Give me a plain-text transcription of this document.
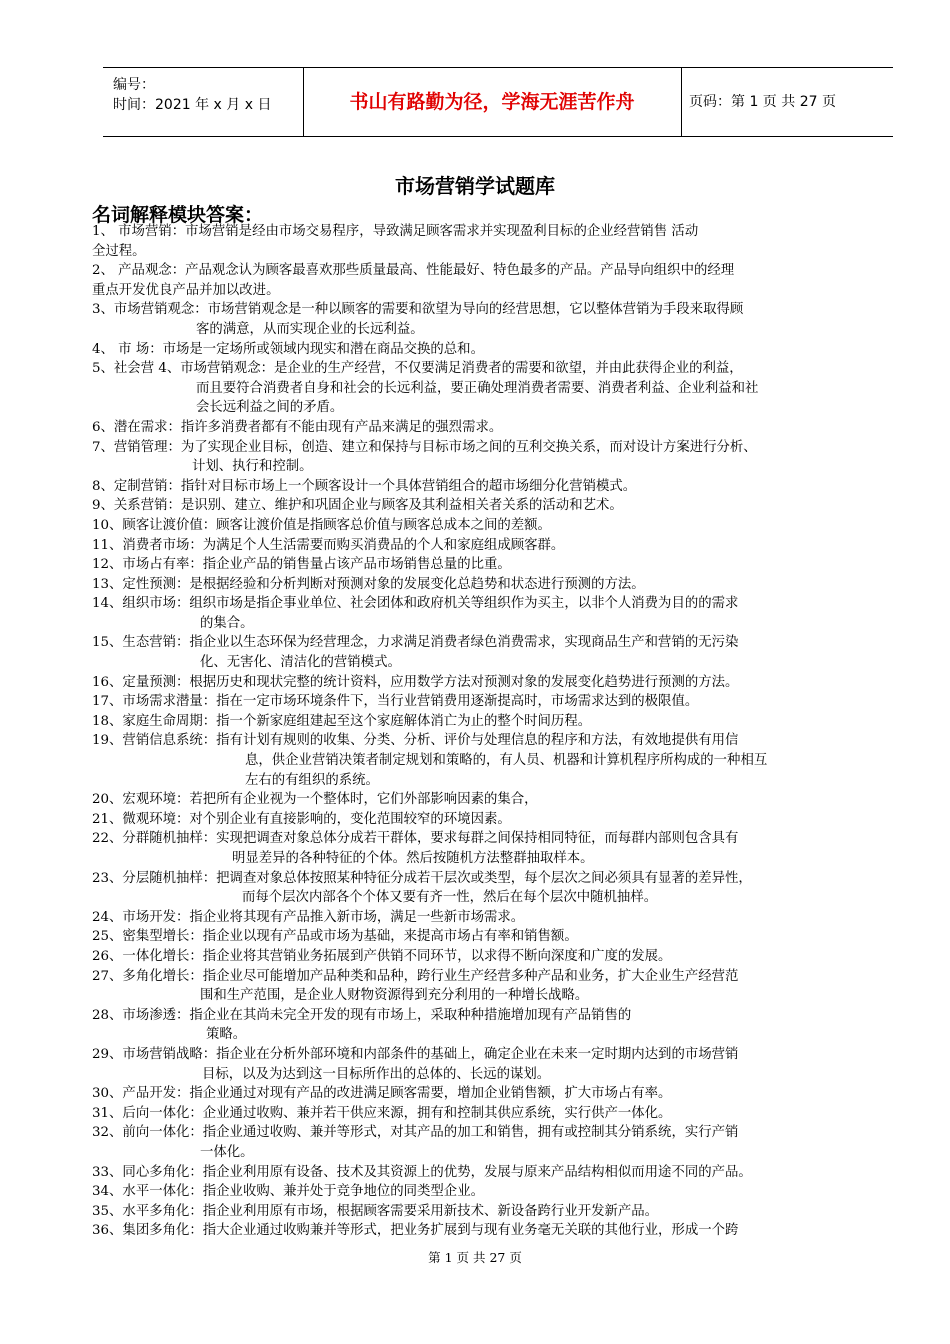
编号：
时间：2021 年 x 月 x 日	书山有路勤为径，学海无涯苦作舟	页码：第 1 页 共 27 页
市场营销学试题库
名词解释模块答案：
1、 市场营销：市场营销是经由市场交易程序，导致满足顾客需求并实现盈利目标的企业经营销售 活动
全过程。
2、 产品观念：产品观念认为顾客最喜欢那些质量最高、性能最好、特色最多的产品。产品导向组织中的经理
重点开发优良产品并加以改进。
3、市场营销观念：市场营销观念是一种以顾客的需要和欲望为导向的经营思想，它以整体营销为手段来取得顾
客的满意，从而实现企业的长远利益。
4、 市 场：市场是一定场所或领域内现实和潜在商品交换的总和。
5、社会营 4、市场营销观念：是企业的生产经营，不仅要满足消费者的需要和欲望，并由此获得企业的利益，
而且要符合消费者自身和社会的长远利益，要正确处理消费者需要、消费者利益、企业利益和社
会长远利益之间的矛盾。
6、潜在需求：指许多消费者都有不能由现有产品来满足的强烈需求。
7、营销管理：为了实现企业目标，创造、建立和保持与目标市场之间的互利交换关系，而对设计方案进行分析、
计划、执行和控制。
8、定制营销：指针对目标市场上一个顾客设计一个具体营销组合的超市场细分化营销模式。
9、关系营销：是识别、建立、维护和巩固企业与顾客及其利益相关者关系的活动和艺术。
10、顾客让渡价值：顾客让渡价值是指顾客总价值与顾客总成本之间的差额。
11、消费者市场：为满足个人生活需要而购买消费品的个人和家庭组成顾客群。
12、市场占有率：指企业产品的销售量占该产品市场销售总量的比重。
13、定性预测：是根据经验和分析判断对预测对象的发展变化总趋势和状态进行预测的方法。
14、组织市场：组织市场是指企事业单位、社会团体和政府机关等组织作为买主，以非个人消费为目的的需求
的集合。
15、生态营销：指企业以生态环保为经营理念，力求满足消费者绿色消费需求，实现商品生产和营销的无污染
化、无害化、清洁化的营销模式。
16、定量预测：根据历史和现状完整的统计资料，应用数学方法对预测对象的发展变化趋势进行预测的方法。
17、市场需求潜量：指在一定市场环境条件下，当行业营销费用逐渐提高时，市场需求达到的极限值。
18、家庭生命周期：指一个新家庭组建起至这个家庭解体消亡为止的整个时间历程。
19、营销信息系统：指有计划有规则的收集、分类、分析、评价与处理信息的程序和方法，有效地提供有用信
息，供企业营销决策者制定规划和策略的，有人员、机器和计算机程序所构成的一种相互
左右的有组织的系统。
20、宏观环境：若把所有企业视为一个整体时，它们外部影响因素的集合，
21、微观环境：对个别企业有直接影响的，变化范围较窄的环境因素。
22、分群随机抽样：实现把调查对象总体分成若干群体，要求每群之间保持相同特征，而每群内部则包含具有
明显差异的各种特征的个体。然后按随机方法整群抽取样本。
23、分层随机抽样：把调查对象总体按照某种特征分成若干层次或类型，每个层次之间必须具有显著的差异性，
而每个层次内部各个个体又要有齐一性，然后在每个层次中随机抽样。
24、市场开发：指企业将其现有产品推入新市场，满足一些新市场需求。
25、密集型增长：指企业以现有产品或市场为基础，来提高市场占有率和销售额。
26、一体化增长：指企业将其营销业务拓展到产供销不同环节，以求得不断向深度和广度的发展。
27、多角化增长：指企业尽可能增加产品种类和品种，跨行业生产经营多种产品和业务，扩大企业生产经营范
围和生产范围，是企业人财物资源得到充分利用的一种增长战略。
28、市场渗透：指企业在其尚未完全开发的现有市场上，采取种种措施增加现有产品销售的
策略。
29、市场营销战略：指企业在分析外部环境和内部条件的基础上，确定企业在未来一定时期内达到的市场营销
目标，以及为达到这一目标所作出的总体的、长远的谋划。
30、产品开发：指企业通过对现有产品的改进满足顾客需要，增加企业销售额，扩大市场占有率。
31、后向一体化：企业通过收购、兼并若干供应来源，拥有和控制其供应系统，实行供产一体化。
32、前向一体化：指企业通过收购、兼并等形式，对其产品的加工和销售，拥有或控制其分销系统，实行产销
一体化。
33、同心多角化：指企业利用原有设备、技术及其资源上的优势，发展与原来产品结构相似而用途不同的产品。
34、水平一体化：指企业收购、兼并处于竞争地位的同类型企业。
35、水平多角化：指企业利用原有市场，根据顾客需要采用新技术、新设备跨行业开发新产品。
36、集团多角化：指大企业通过收购兼并等形式，把业务扩展到与现有业务毫无关联的其他行业，形成一个跨
第 1 页 共 27 页
